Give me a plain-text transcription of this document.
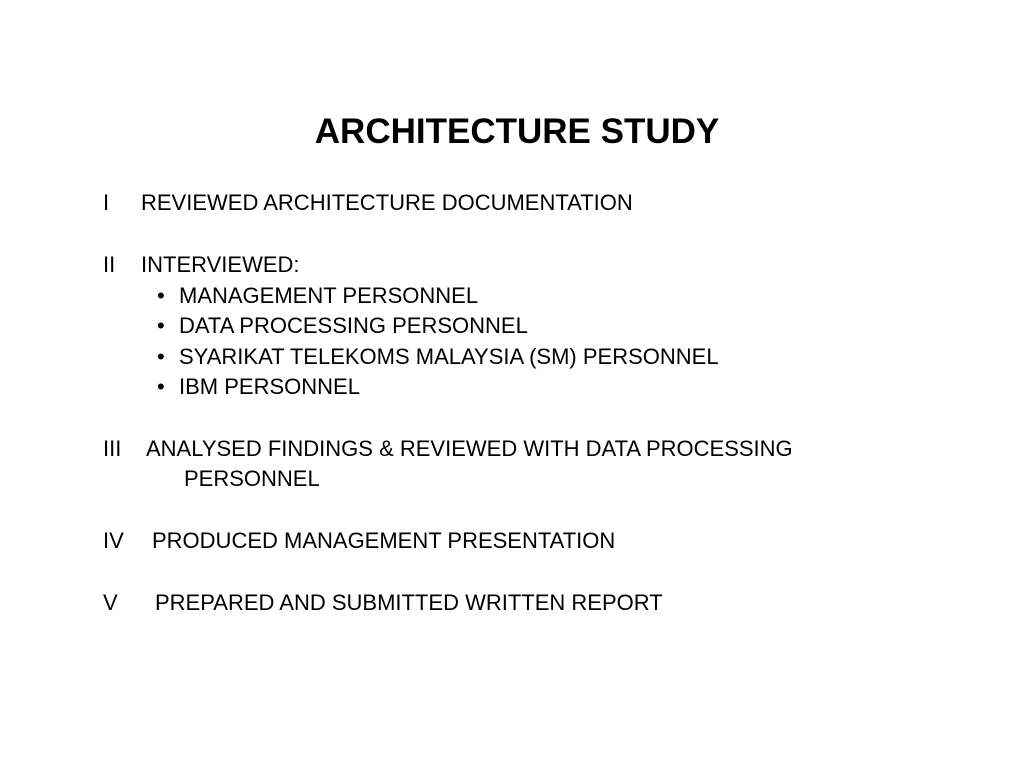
ARCHITECTURE STUDY
I REVIEWED ARCHITECTURE DOCUMENTATION
II INTERVIEWED:
• MANAGEMENT PERSONNEL
• DATA PROCESSING PERSONNEL
• SYARIKAT TELEKOMS MALAYSIA (SM) PERSONNEL
• IBM PERSONNEL
III ANALYSED FINDINGS & REVIEWED WITH DATA PROCESSING
PERSONNEL
IV PRODUCED MANAGEMENT PRESENTATION
V PREPARED AND SUBMITTED WRITTEN REPORT
